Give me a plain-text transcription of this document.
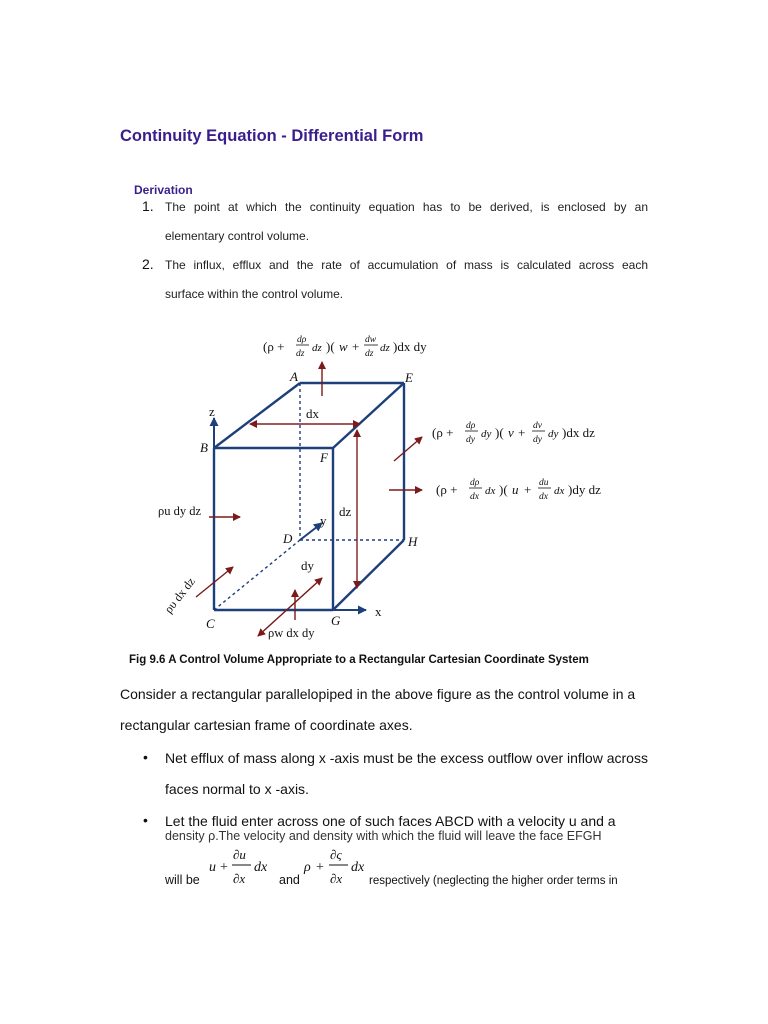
Continuity Equation - Differential Form
Derivation
1. The point at which the continuity equation has to be derived, is enclosed by an
elementary control volume.
2. The influx, efflux and the rate of accumulation of mass is calculated across each
surface within the control volume.
A	E
B
F
D	H
C	G
z
x
y
dx
dz
dy
ρu dy dz
ρυ dx dz
ρw dx dy
(ρ + dρ
dz dz )( w + dw
dz dz )dx dy
(ρ + dρ
dy dy )( v + dv
dy dy )dx dz
(ρ + dρ
dx dx )( u + du
dx dx )dy dz
Fig 9.6 A Control Volume Appropriate to a Rectangular Cartesian Coordinate System
Consider a rectangular parallelopiped in the above figure as the control volume in a
rectangular cartesian frame of coordinate axes.
• Net efflux of mass along x -axis must be the excess outflow over inflow across
faces normal to x -axis.
• Let the fluid enter across one of such faces ABCD with a velocity u and a
density ρ.The velocity and density with which the fluid will leave the face EFGH
will be
u +
∂u
∂x
dx
and
ρ +
∂ς
∂x
dx
respectively (neglecting the higher order terms in
